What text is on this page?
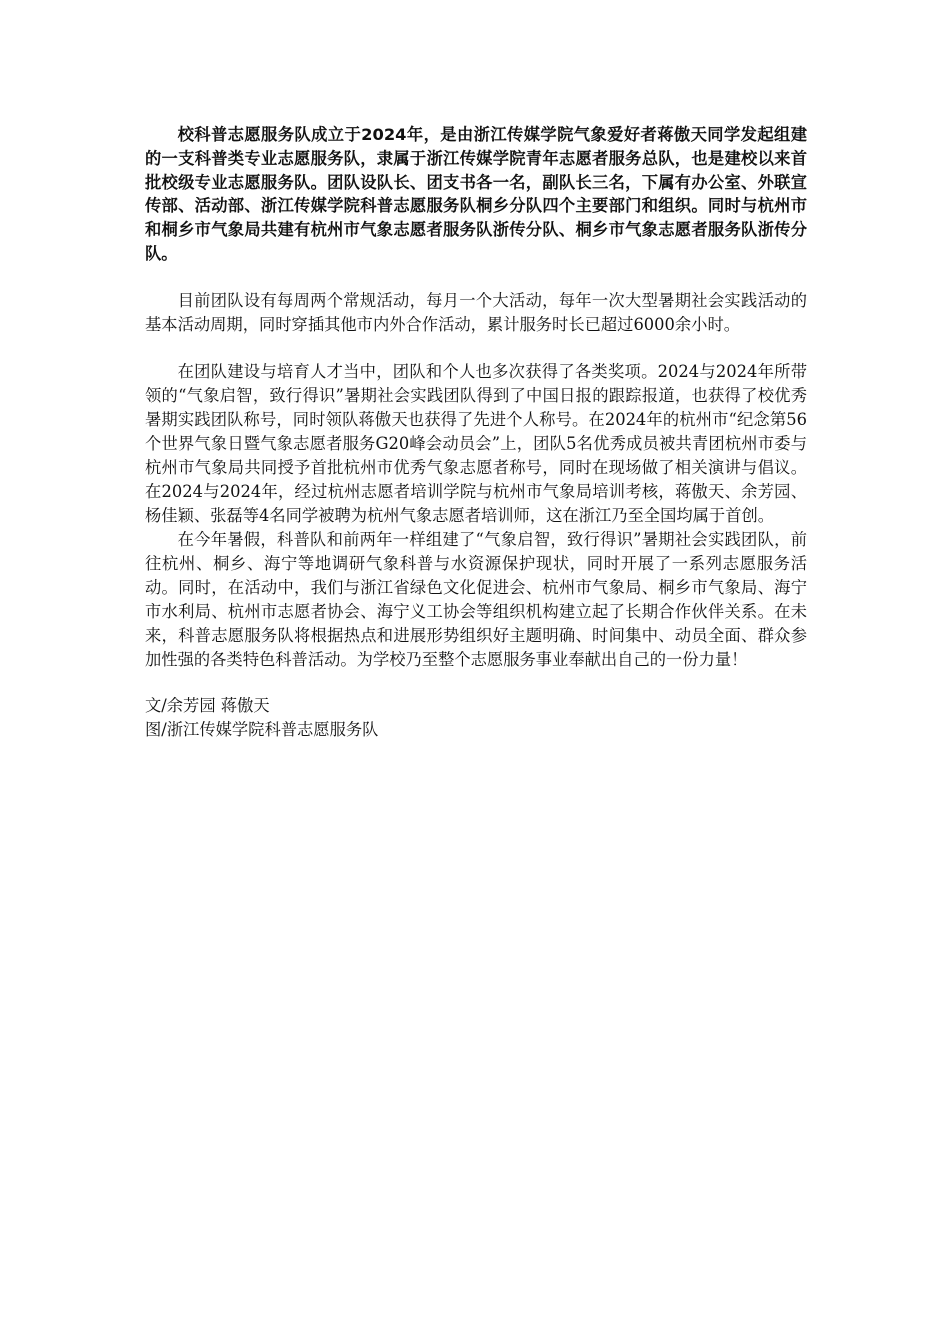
校科普志愿服务队成立于2024年，是由浙江传媒学院气象爱好者蒋傲天同学发起组建的一支科普类专业志愿服务队，隶属于浙江传媒学院青年志愿者服务总队，也是建校以来首批校级专业志愿服务队。团队设队长、团支书各一名，副队长三名，下属有办公室、外联宣传部、活动部、浙江传媒学院科普志愿服务队桐乡分队四个主要部门和组织。同时与杭州市和桐乡市气象局共建有杭州市气象志愿者服务队浙传分队、桐乡市气象志愿者服务队浙传分队。

目前团队设有每周两个常规活动，每月一个大活动，每年一次大型暑期社会实践活动的基本活动周期，同时穿插其他市内外合作活动，累计服务时长已超过6000余小时。

在团队建设与培育人才当中，团队和个人也多次获得了各类奖项。2024与2024年所带领的“气象启智，致行得识”暑期社会实践团队得到了中国日报的跟踪报道，也获得了校优秀暑期实践团队称号，同时领队蒋傲天也获得了先进个人称号。在2024年的杭州市“纪念第56个世界气象日暨气象志愿者服务G20峰会动员会”上，团队5名优秀成员被共青团杭州市委与杭州市气象局共同授予首批杭州市优秀气象志愿者称号，同时在现场做了相关演讲与倡议。在2024与2024年，经过杭州志愿者培训学院与杭州市气象局培训考核，蒋傲天、余芳园、杨佳颖、张磊等4名同学被聘为杭州气象志愿者培训师，这在浙江乃至全国均属于首创。

在今年暑假，科普队和前两年一样组建了“气象启智，致行得识”暑期社会实践团队，前往杭州、桐乡、海宁等地调研气象科普与水资源保护现状，同时开展了一系列志愿服务活动。同时，在活动中，我们与浙江省绿色文化促进会、杭州市气象局、桐乡市气象局、海宁市水利局、杭州市志愿者协会、海宁义工协会等组织机构建立起了长期合作伙伴关系。在未来，科普志愿服务队将根据热点和进展形势组织好主题明确、时间集中、动员全面、群众参加性强的各类特色科普活动。为学校乃至整个志愿服务事业奉献出自己的一份力量！

文/余芳园 蒋傲天

图/浙江传媒学院科普志愿服务队
